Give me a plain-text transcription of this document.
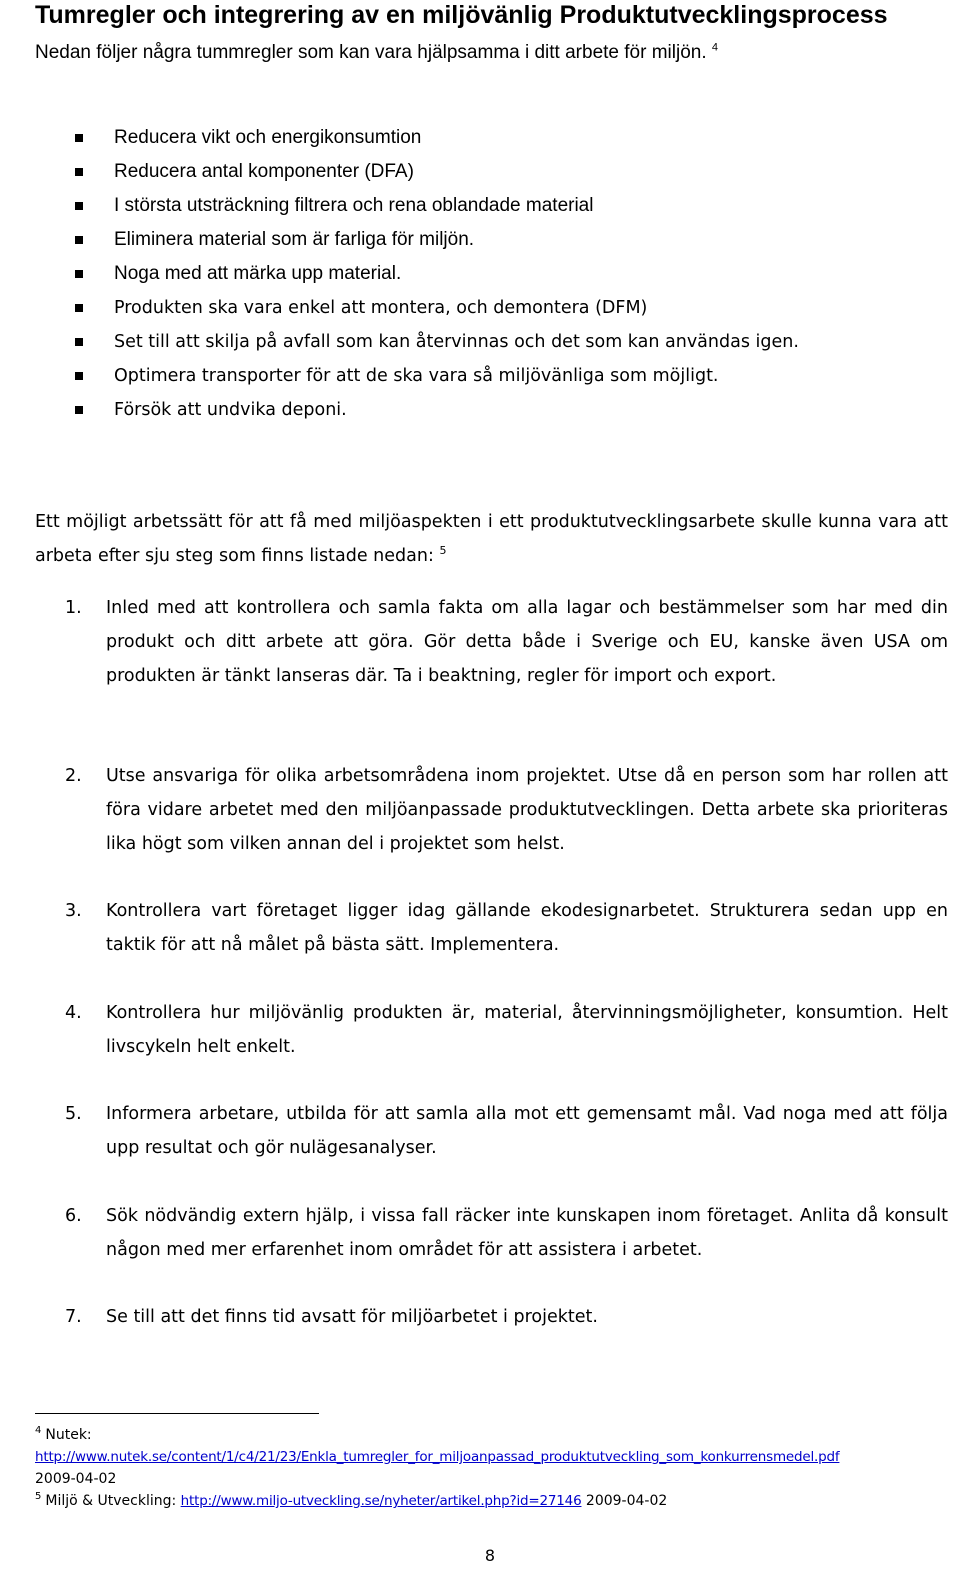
Tumregler och integrering av en miljövänlig Produktutvecklingsprocess
Nedan följer några tummregler som kan vara hjälpsamma i ditt arbete för miljön. $^4$
Reducera vikt och energikonsumtion
Reducera antal komponenter (DFA)
I största utsträckning filtrera och rena oblandade material
Eliminera material som är farliga för miljön.
Noga med att märka upp material.
Produkten ska vara enkel att montera, och demontera (DFM)
Set till att skilja på avfall som kan återvinnas och det som kan användas igen.
Optimera transporter för att de ska vara så miljövänliga som möjligt.
Försök att undvika deponi.
Ett möjligt arbetssätt för att få med miljöaspekten i ett produktutvecklingsarbete skulle kunna vara att arbeta efter sju steg som finns listade nedan: $^5$
1. Inled med att kontrollera och samla fakta om alla lagar och bestämmelser som har med din produkt och ditt arbete att göra. Gör detta både i Sverige och EU, kanske även USA om produkten är tänkt lanseras där. Ta i beaktning, regler för import och export.
2. Utse ansvariga för olika arbetsområdena inom projektet. Utse då en person som har rollen att föra vidare arbetet med den miljöanpassade produktutvecklingen. Detta arbete ska prioriteras lika högt som vilken annan del i projektet som helst.
3. Kontrollera vart företaget ligger idag gällande ekodesignarbetet. Strukturera sedan upp en taktik för att nå målet på bästa sätt. Implementera.
4. Kontrollera hur miljövänlig produkten är, material, återvinningsmöjligheter, konsumtion. Helt livscykeln helt enkelt.
5. Informera arbetare, utbilda för att samla alla mot ett gemensamt mål. Vad noga med att följa upp resultat och gör nulägesanalyser.
6. Sök nödvändig extern hjälp, i vissa fall räcker inte kunskapen inom företaget. Anlita då konsult någon med mer erfarenhet inom området för att assistera i arbetet.
7. Se till att det finns tid avsatt för miljöarbetet i projektet.
$^4$ Nutek:
http://www.nutek.se/content/1/c4/21/23/Enkla_tumregler_for_miljoanpassad_produktutveckling_som_konkurrensmedel.pdf
2009-04-02
$^5$ Miljö & Utveckling: http://www.miljo-utveckling.se/nyheter/artikel.php?id=27146 2009-04-02
8
